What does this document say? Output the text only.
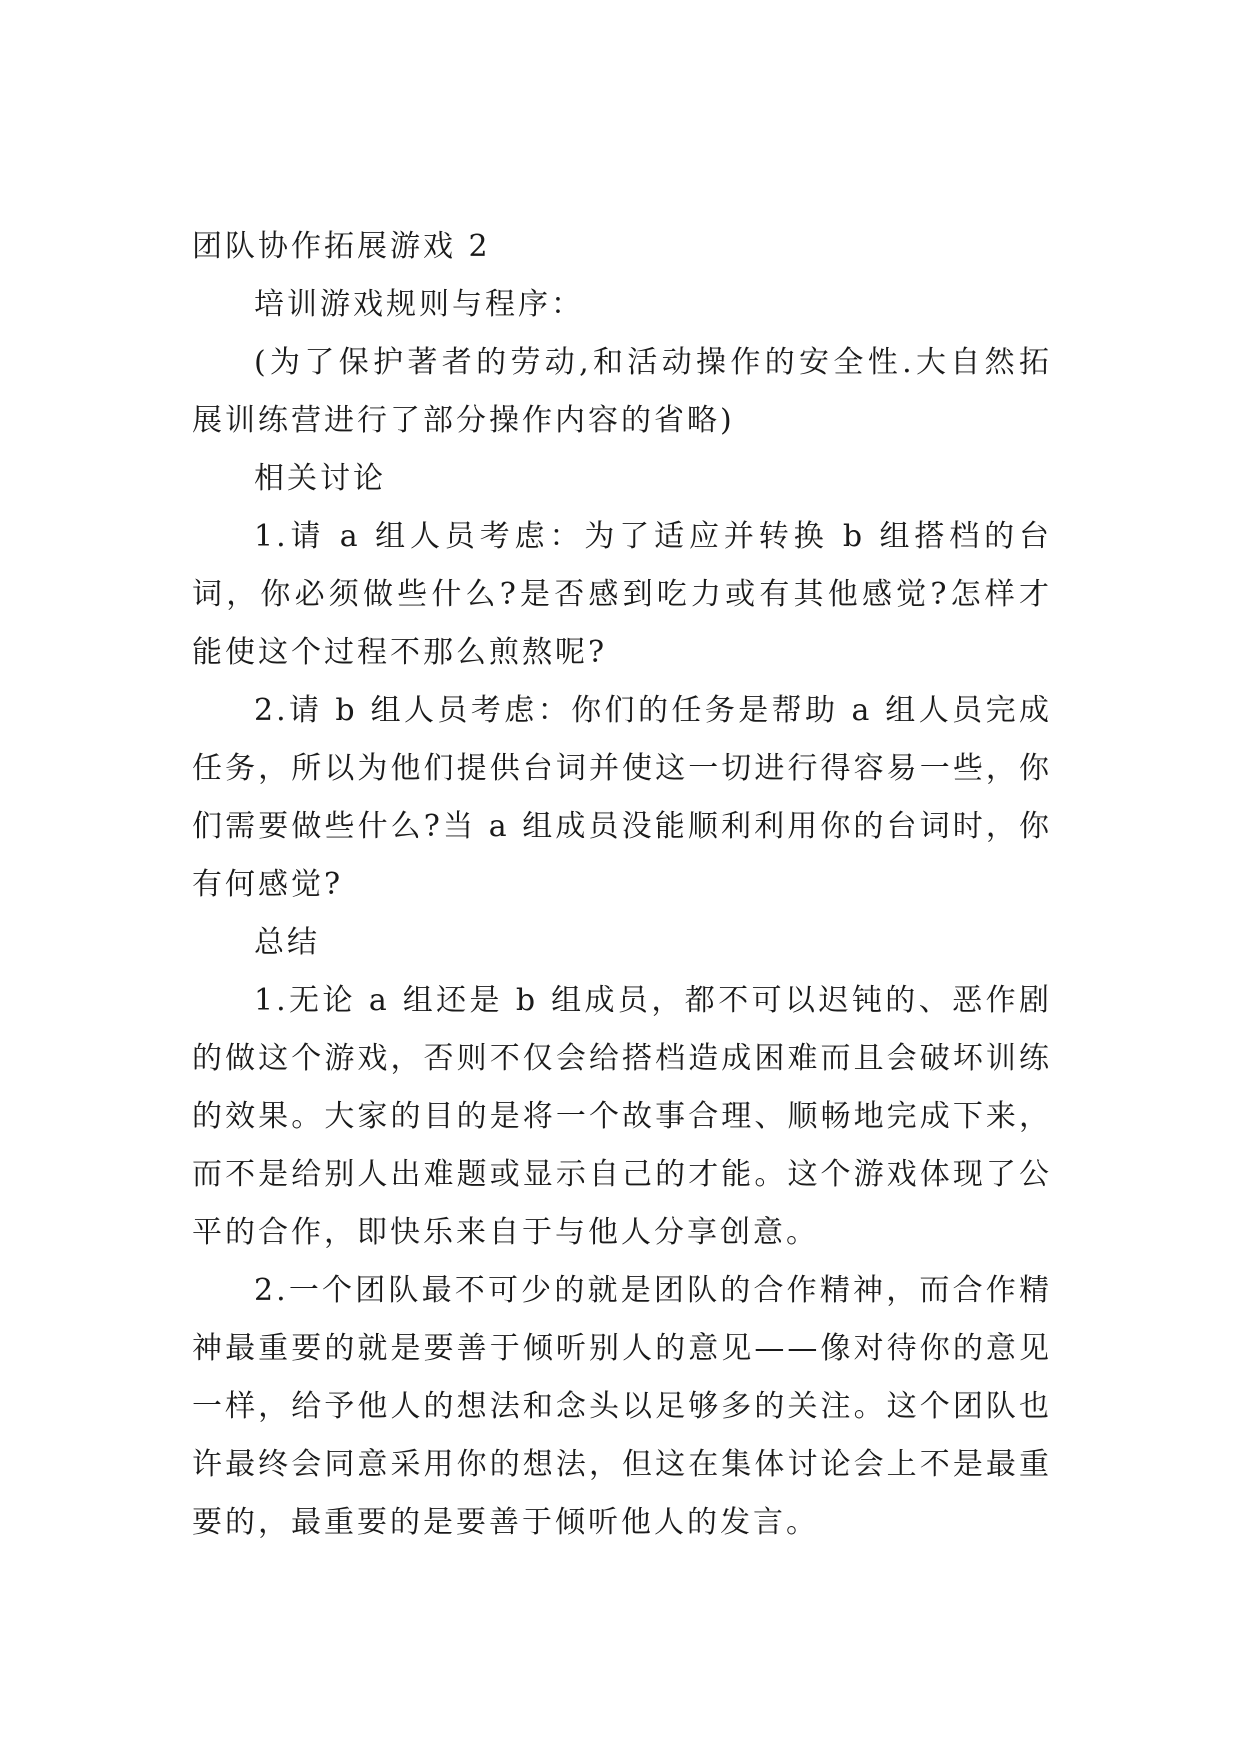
团队协作拓展游戏 2

培训游戏规则与程序：

(为了保护著者的劳动,和活动操作的安全性.大自然拓展训练营进行了部分操作内容的省略)

相关讨论

1.请 a 组人员考虑：为了适应并转换 b 组搭档的台词，你必须做些什么?是否感到吃力或有其他感觉?怎样才能使这个过程不那么煎熬呢?

2.请 b 组人员考虑：你们的任务是帮助 a 组人员完成任务，所以为他们提供台词并使这一切进行得容易一些，你们需要做些什么?当 a 组成员没能顺利利用你的台词时，你有何感觉?

总结

1.无论 a 组还是 b 组成员，都不可以迟钝的、恶作剧的做这个游戏，否则不仅会给搭档造成困难而且会破坏训练的效果。大家的目的是将一个故事合理、顺畅地完成下来，而不是给别人出难题或显示自己的才能。这个游戏体现了公平的合作，即快乐来自于与他人分享创意。

2.一个团队最不可少的就是团队的合作精神，而合作精神最重要的就是要善于倾听别人的意见——像对待你的意见一样，给予他人的想法和念头以足够多的关注。这个团队也许最终会同意采用你的想法，但这在集体讨论会上不是最重要的，最重要的是要善于倾听他人的发言。
